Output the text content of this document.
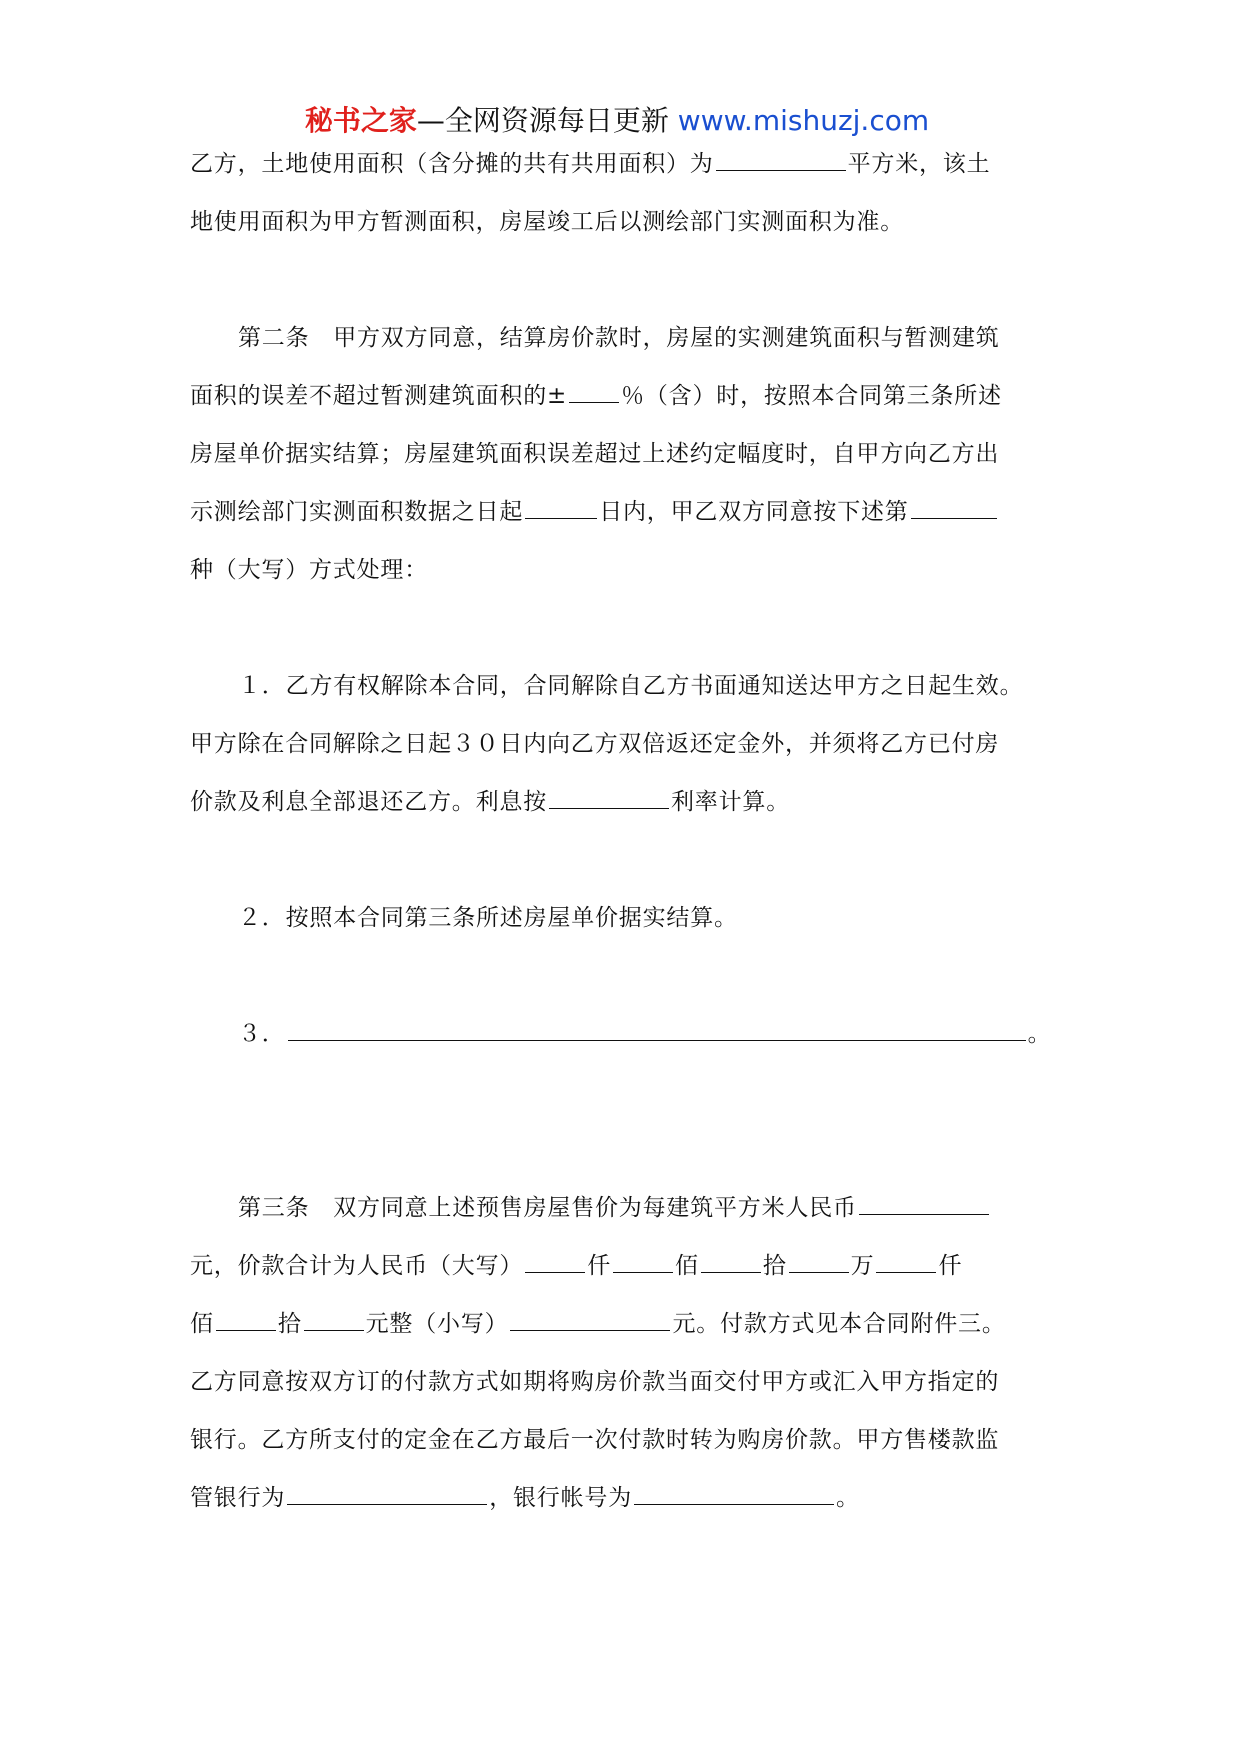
秘书之家—全网资源每日更新 www.mishuzj.com
乙方，土地使用面积（含分摊的共有共用面积）为	平方米，该土
地使用面积为甲方暂测面积，房屋竣工后以测绘部门实测面积为准。
第二条　甲方双方同意，结算房价款时，房屋的实测建筑面积与暂测建筑
面积的误差不超过暂测建筑面积的± ％（含）时，按照本合同第三条所述
房屋单价据实结算；房屋建筑面积误差超过上述约定幅度时，自甲方向乙方出
示测绘部门实测面积数据之日起	日内，甲乙双方同意按下述第
种（大写）方式处理：
１．乙方有权解除本合同，合同解除自乙方书面通知送达甲方之日起生效。
甲方除在合同解除之日起３０日内向乙方双倍返还定金外，并须将乙方已付房
价款及利息全部退还乙方。利息按	利率计算。
２．按照本合同第三条所述房屋单价据实结算。
３．	。
第三条　双方同意上述预售房屋售价为每建筑平方米人民币
元，价款合计为人民币（大写）	仟	佰	拾	万	仟
佰	拾	元整（小写）	元。付款方式见本合同附件三。
乙方同意按双方订的付款方式如期将购房价款当面交付甲方或汇入甲方指定的
银行。乙方所支付的定金在乙方最后一次付款时转为购房价款。甲方售楼款监
管银行为	，银行帐号为	。
